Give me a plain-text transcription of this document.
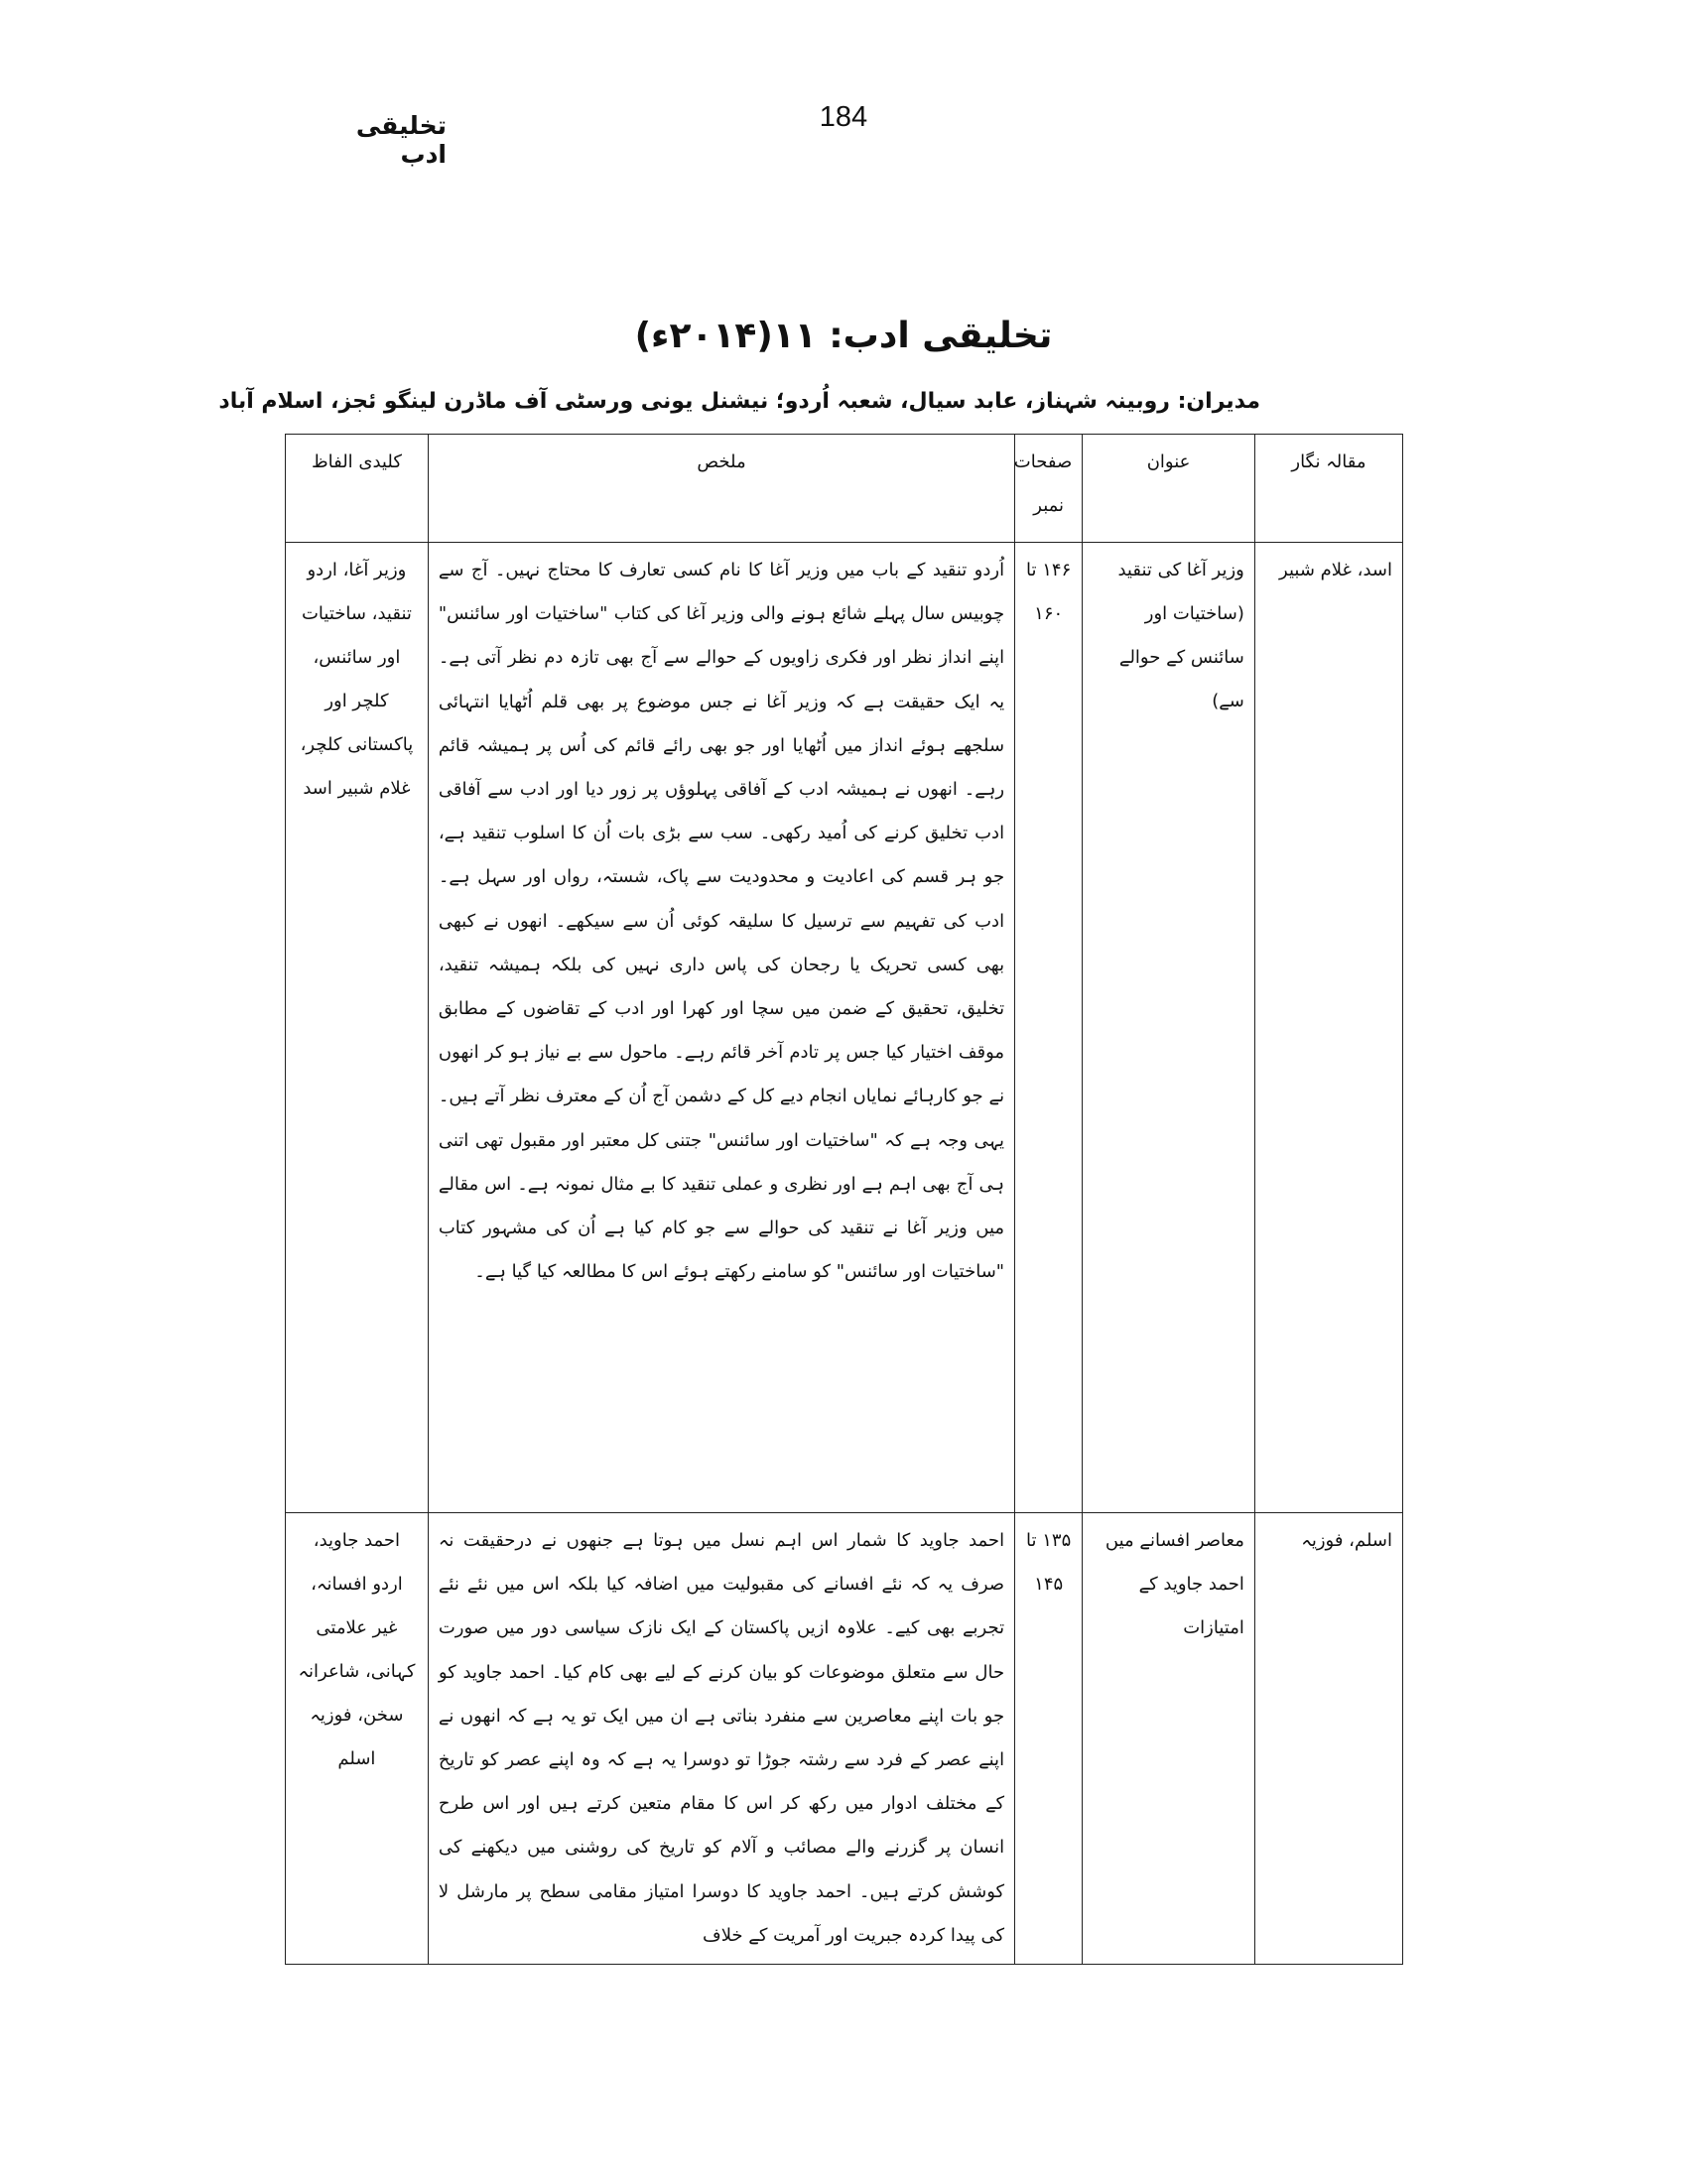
تخلیقی ادب
184
تخلیقی ادب: ۱۱(۲۰۱۴ء)
مدیران: روبینہ شہناز، عابد سیال، شعبہ اُردو؛ نیشنل یونی ورسٹی آف ماڈرن لینگو ئجز، اسلام آباد
مقالہ نگار	عنوان	صفحات نمبر	ملخص	کلیدی الفاظ
اسد، غلام شبیر	وزیر آغا کی تنقید (ساختیات اور سائنس کے حوالے سے)	۱۴۶ تا ۱۶۰	اُردو تنقید کے باب میں وزیر آغا کا نام کسی تعارف کا محتاج نہیں۔ آج سے چوبیس سال پہلے شائع ہونے والی وزیر آغا کی کتاب "ساختیات اور سائنس" اپنے انداز نظر اور فکری زاویوں کے حوالے سے آج بھی تازہ دم نظر آتی ہے۔ یہ ایک حقیقت ہے کہ وزیر آغا نے جس موضوع پر بھی قلم اُٹھایا انتہائی سلجھے ہوئے انداز میں اُٹھایا اور جو بھی رائے قائم کی اُس پر ہمیشہ قائم رہے۔ انھوں نے ہمیشہ ادب کے آفاقی پہلوؤں پر زور دیا اور ادب سے آفاقی ادب تخلیق کرنے کی اُمید رکھی۔ سب سے بڑی بات اُن کا اسلوب تنقید ہے، جو ہر قسم کی اعادیت و محدودیت سے پاک، شستہ، رواں اور سہل ہے۔ ادب کی تفہیم سے ترسیل کا سلیقہ کوئی اُن سے سیکھے۔ انھوں نے کبھی بھی کسی تحریک یا رجحان کی پاس داری نہیں کی بلکہ ہمیشہ تنقید، تخلیق، تحقیق کے ضمن میں سچا اور کھرا اور ادب کے تقاضوں کے مطابق موقف اختیار کیا جس پر تادم آخر قائم رہے۔ ماحول سے بے نیاز ہو کر انھوں نے جو کارہائے نمایاں انجام دیے کل کے دشمن آج اُن کے معترف نظر آتے ہیں۔ یہی وجہ ہے کہ "ساختیات اور سائنس" جتنی کل معتبر اور مقبول تھی اتنی ہی آج بھی اہم ہے اور نظری و عملی تنقید کا بے مثال نمونہ ہے۔ اس مقالے میں وزیر آغا نے تنقید کی حوالے سے جو کام کیا ہے اُن کی مشہور کتاب "ساختیات اور سائنس" کو سامنے رکھتے ہوئے اس کا مطالعہ کیا گیا ہے۔	وزیر آغا، اردو تنقید، ساختیات اور سائنس، کلچر اور پاکستانی کلچر، غلام شبیر اسد
اسلم، فوزیہ	معاصر افسانے میں احمد جاوید کے امتیازات	۱۳۵ تا ۱۴۵	احمد جاوید کا شمار اس اہم نسل میں ہوتا ہے جنھوں نے درحقیقت نہ صرف یہ کہ نئے افسانے کی مقبولیت میں اضافہ کیا بلکہ اس میں نئے نئے تجربے بھی کیے۔ علاوہ ازیں پاکستان کے ایک نازک سیاسی دور میں صورت حال سے متعلق موضوعات کو بیان کرنے کے لیے بھی کام کیا۔ احمد جاوید کو جو بات اپنے معاصرین سے منفرد بناتی ہے ان میں ایک تو یہ ہے کہ انھوں نے اپنے عصر کے فرد سے رشتہ جوڑا تو دوسرا یہ ہے کہ وہ اپنے عصر کو تاریخ کے مختلف ادوار میں رکھ کر اس کا مقام متعین کرتے ہیں اور اس طرح انسان پر گزرنے والے مصائب و آلام کو تاریخ کی روشنی میں دیکھنے کی کوشش کرتے ہیں۔ احمد جاوید کا دوسرا امتیاز مقامی سطح پر مارشل لا کی پیدا کردہ جبریت اور آمریت کے خلاف	احمد جاوید، اردو افسانہ، غیر علامتی کہانی، شاعرانہ سخن، فوزیہ اسلم
